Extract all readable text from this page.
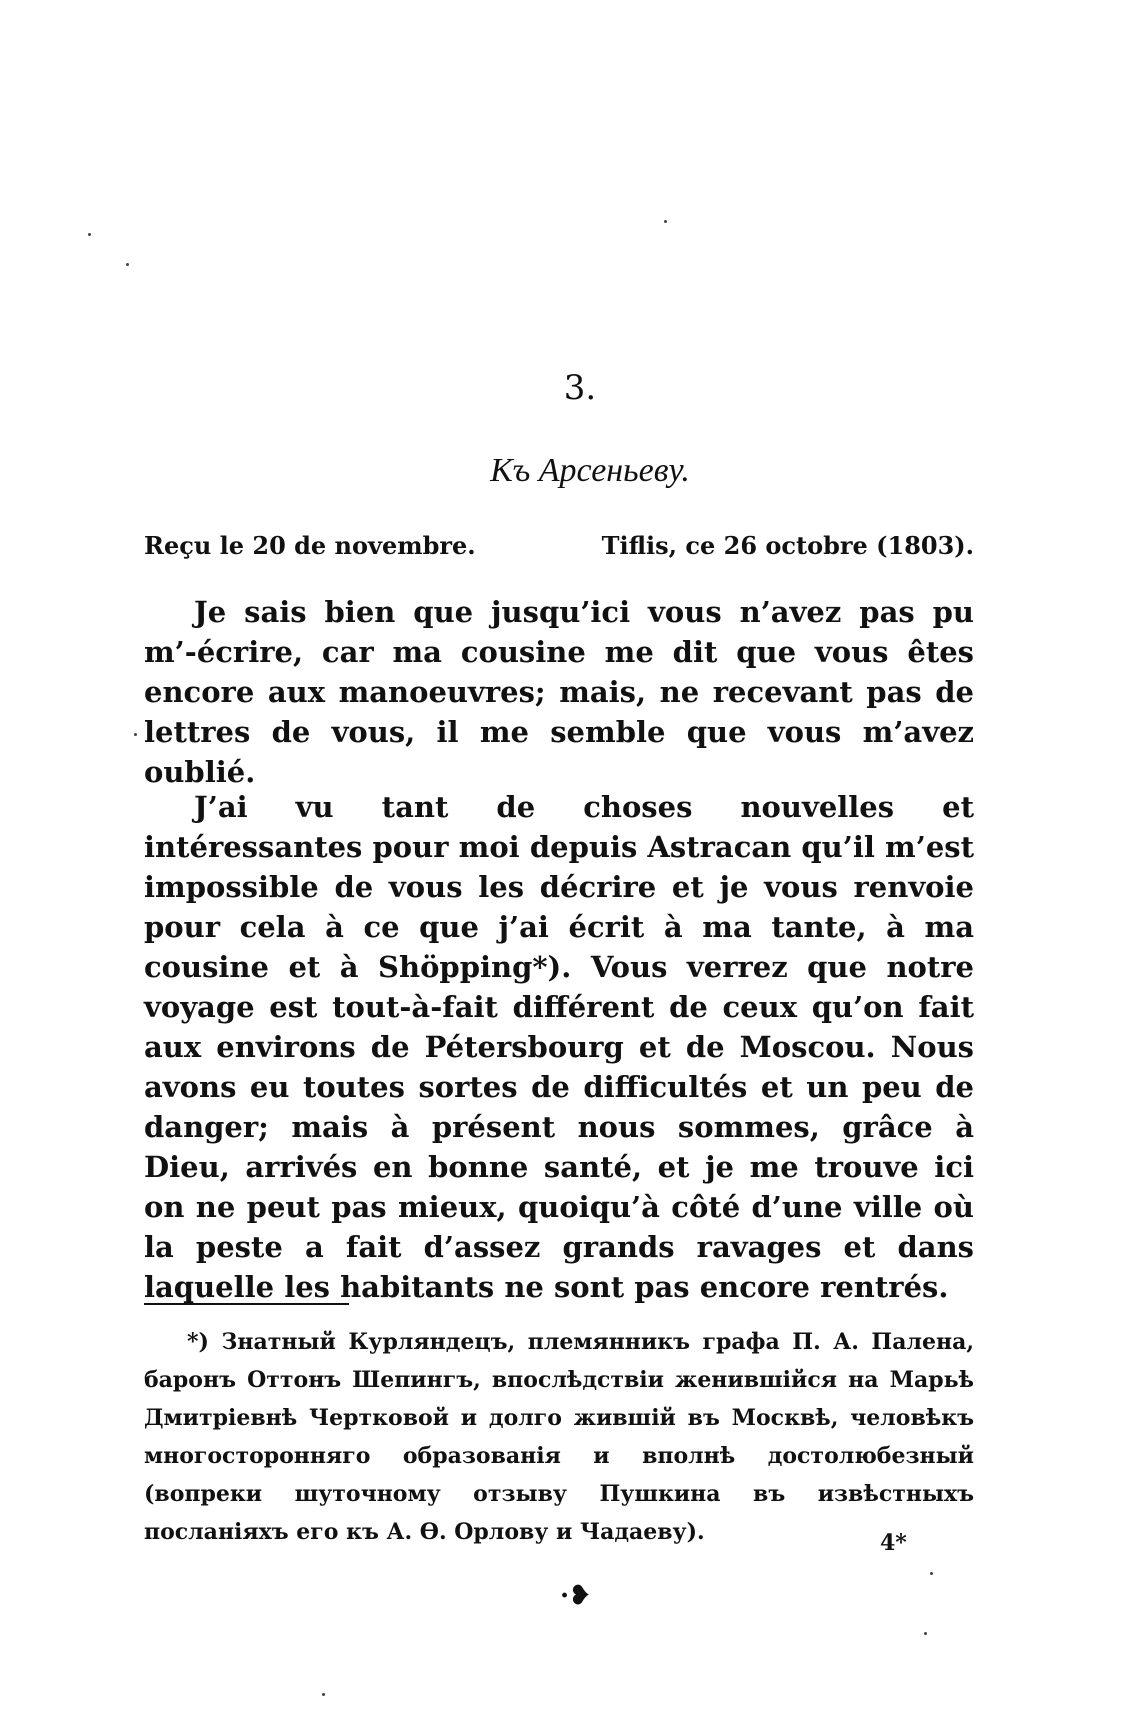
3.
Къ Арсеньеву.
Reçu le 20 de novembre.	Tiflis, ce 26 octobre (1803).

Je sais bien que jusqu’ici vous n’avez pas pu m’-écrire, car ma cousine me dit que vous êtes encore aux manoeuvres; mais, ne recevant pas de lettres de vous, il me semble que vous m’avez oublié.

J’ai vu tant de choses nouvelles et intéressantes pour moi depuis Astracan qu’il m’est impossible de vous les décrire et je vous renvoie pour cela à ce que j’ai écrit à ma tante, à ma cousine et à Shöpping*). Vous verrez que notre voyage est tout-à-fait différent de ceux qu’on fait aux environs de Pétersbourg et de Moscou. Nous avons eu toutes sortes de difficultés et un peu de danger; mais à présent nous sommes, grâce à Dieu, arrivés en bonne santé, et je me trouve ici on ne peut pas mieux, quoiqu’à côté d’une ville où la peste a fait d’assez grands ravages et dans laquelle les habitants ne sont pas encore rentrés.

*) Знатный Курляндецъ, племянникъ графа П. А. Палена, баронъ Оттонъ Шепингъ, впослѣдствіи женившійся на Марьѣ Дмитріевнѣ Чертковой и долго жившій въ Москвѣ, человѣкъ многосторонняго образованія и вполнѣ достолюбезный (вопреки шуточному отзыву Пушкина въ извѣстныхъ посланіяхъ его къ А. Ѳ. Орлову и Чадаеву).	4*
·❥
